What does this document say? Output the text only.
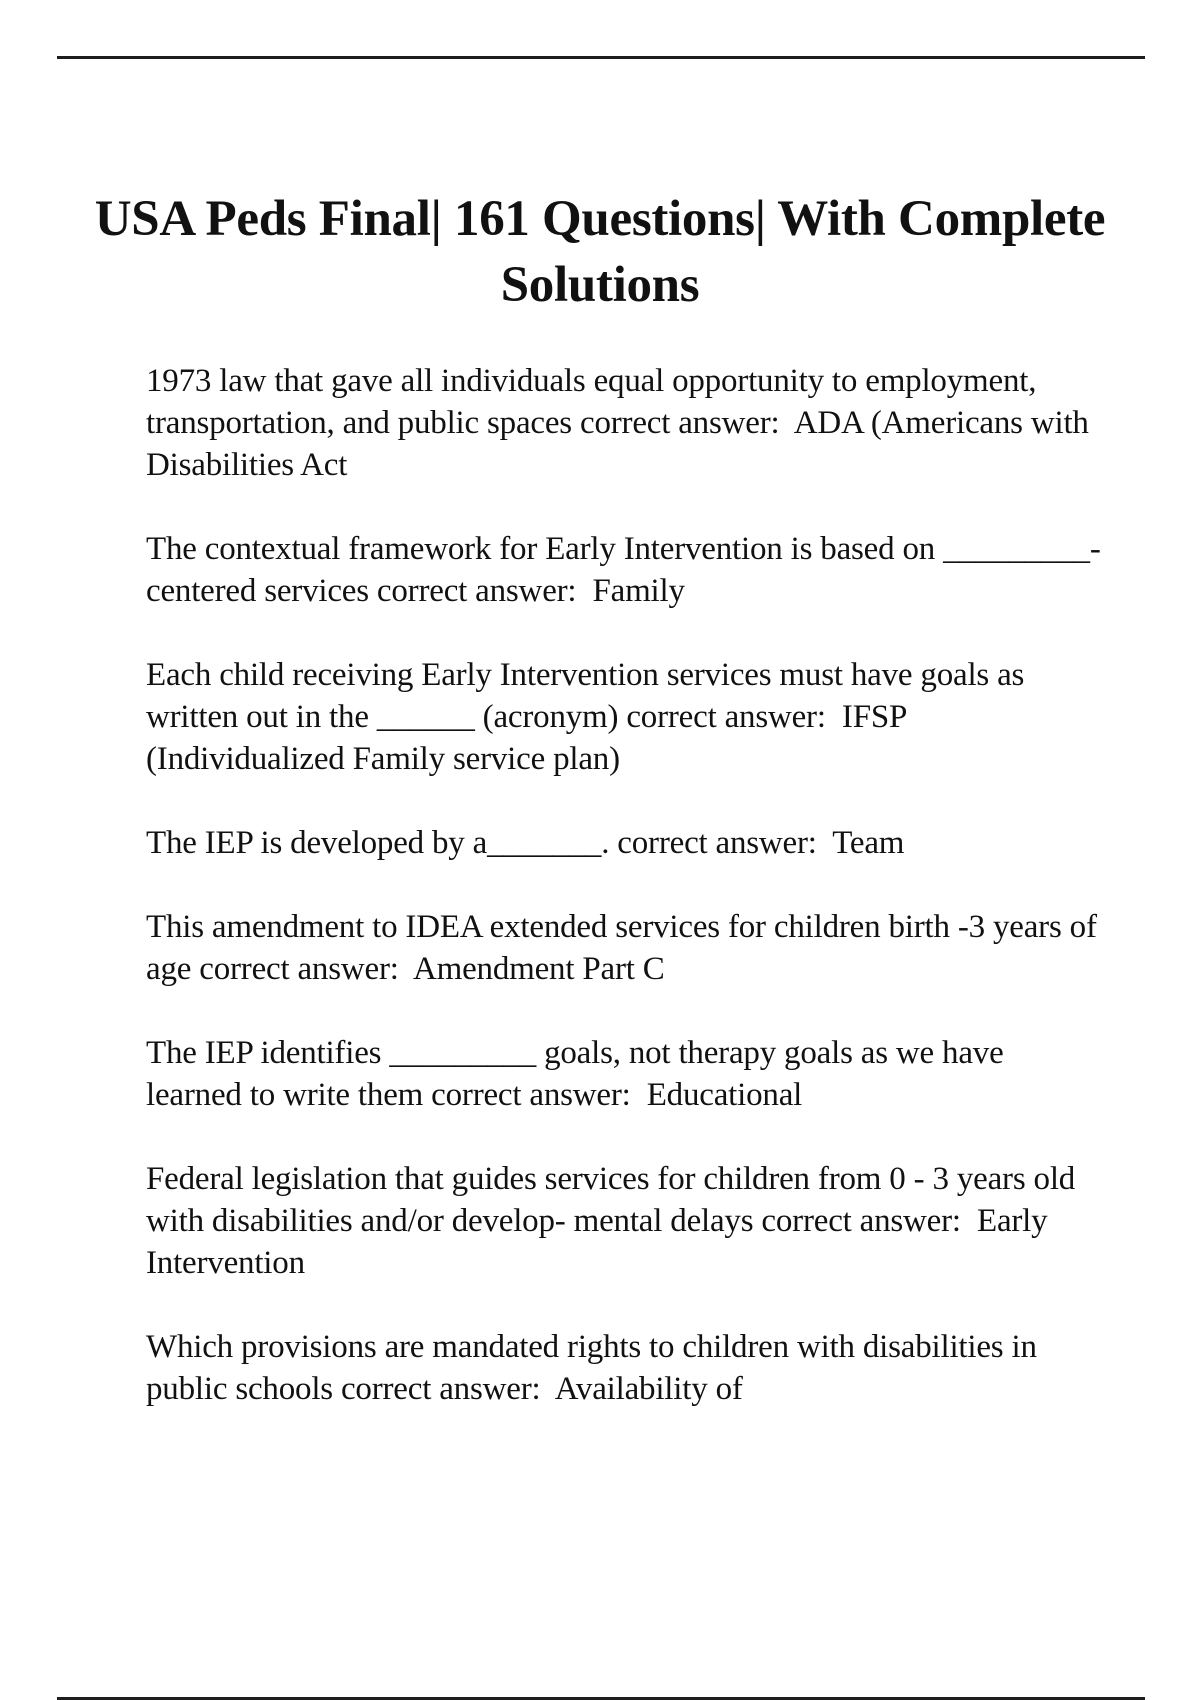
USA Peds Final| 161 Questions| With Complete Solutions

1973 law that gave all individuals equal opportunity to employment, transportation, and public spaces correct answer:  ADA (Americans with Disabilities Act

The contextual framework for Early Intervention is based on _________-centered services correct answer:  Family

Each child receiving Early Intervention services must have goals as written out in the ______ (acronym) correct answer:  IFSP (Individualized Family service plan)

The IEP is developed by a_______. correct answer:  Team

This amendment to IDEA extended services for children birth -3 years of age correct answer:  Amendment Part C

The IEP identifies _________ goals, not therapy goals as we have learned to write them correct answer:  Educational

Federal legislation that guides services for children from 0 - 3 years old with disabilities and/or develop- mental delays correct answer:  Early Intervention

Which provisions are mandated rights to children with disabilities in public schools correct answer:  Availability of
